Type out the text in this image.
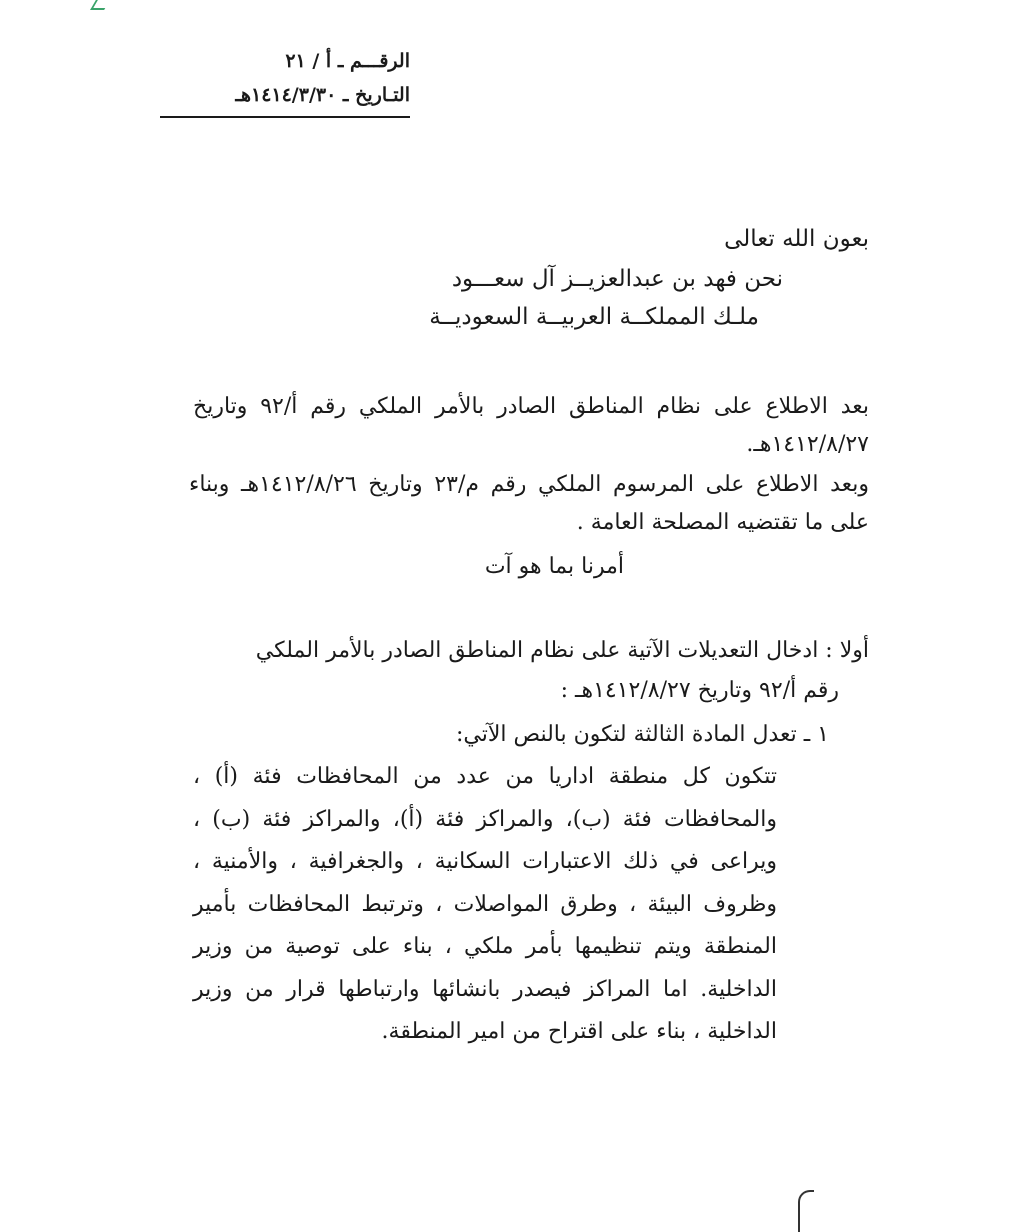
الرقـــم ـ أ / ٢١
التـاريخ ـ ١٤١٤/٣/٣٠هـ
بعون الله تعالى
نحن فهد بن عبدالعزيــز آل سعـــود
ملـك المملكــة العربيــة السعوديــة
بعد الاطلاع على نظام المناطق الصادر بالأمر الملكي رقم أ/٩٢ وتاريخ ١٤١٢/٨/٢٧هـ.
وبعد الاطلاع على المرسوم الملكي رقم م/٢٣ وتاريخ ١٤١٢/٨/٢٦هـ وبناء على ما تقتضيه المصلحة العامة .
أمرنا بما هو آت
أولا : ادخال التعديلات الآتية على نظام المناطق الصادر بالأمر الملكي
رقم أ/٩٢ وتاريخ ١٤١٢/٨/٢٧هـ :
١ ـ تعدل المادة الثالثة لتكون بالنص الآتي:
تتكون كل منطقة اداريا من عدد من المحافظات فئة (أ) ، والمحافظات فئة (ب)، والمراكز فئة (أ)، والمراكز فئة (ب) ، ويراعى في ذلك الاعتبارات السكانية ، والجغرافية ، والأمنية ، وظروف البيئة ، وطرق المواصلات ، وترتبط المحافظات بأمير المنطقة ويتم تنظيمها بأمر ملكي ، بناء على توصية من وزير الداخلية. اما المراكز فيصدر بانشائها وارتباطها قرار من وزير الداخلية ، بناء على اقتراح من امير المنطقة.
